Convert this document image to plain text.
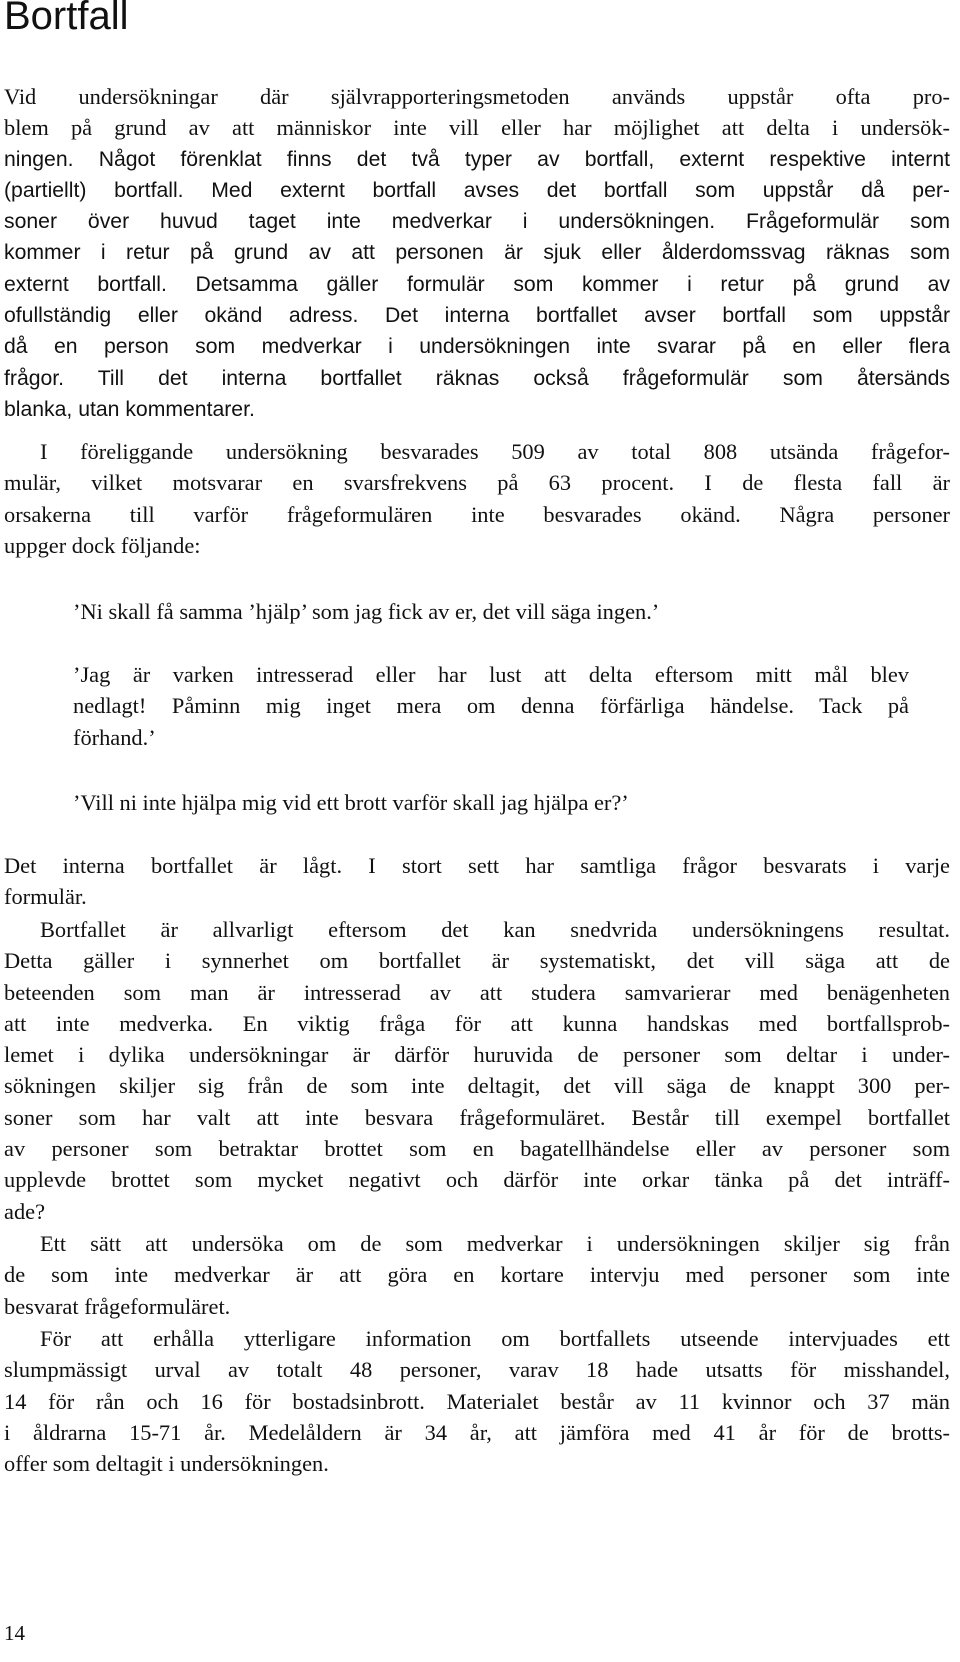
Bortfall
Vid undersökningar där självrapporteringsmetoden används uppstår ofta pro-
blem på grund av att människor inte vill eller har möjlighet att delta i undersök-
ningen. Något förenklat finns det två typer av bortfall, externt respektive internt
(partiellt) bortfall. Med externt bortfall avses det bortfall som uppstår då per-
soner över huvud taget inte medverkar i undersökningen. Frågeformulär som
kommer i retur på grund av att personen är sjuk eller ålderdomssvag räknas som
externt bortfall. Detsamma gäller formulär som kommer i retur på grund av
ofullständig eller okänd adress. Det interna bortfallet avser bortfall som uppstår
då en person som medverkar i undersökningen inte svarar på en eller flera
frågor. Till det interna bortfallet räknas också frågeformulär som återsänds
blanka, utan kommentarer.
I föreliggande undersökning besvarades 509 av total 808 utsända frågefor-
mulär, vilket motsvarar en svarsfrekvens på 63 procent. I de flesta fall är
orsakerna till varför frågeformulären inte besvarades okänd. Några personer
uppger dock följande:
’Ni skall få samma ’hjälp’ som jag fick av er, det vill säga ingen.’
’Jag är varken intresserad eller har lust att delta eftersom mitt mål blev
nedlagt! Påminn mig inget mera om denna förfärliga händelse. Tack på
förhand.’
’Vill ni inte hjälpa mig vid ett brott varför skall jag hjälpa er?’
Det interna bortfallet är lågt. I stort sett har samtliga frågor besvarats i varje
formulär.
Bortfallet är allvarligt eftersom det kan snedvrida undersökningens resultat.
Detta gäller i synnerhet om bortfallet är systematiskt, det vill säga att de
beteenden som man är intresserad av att studera samvarierar med benägenheten
att inte medverka. En viktig fråga för att kunna handskas med bortfallsprob-
lemet i dylika undersökningar är därför huruvida de personer som deltar i under-
sökningen skiljer sig från de som inte deltagit, det vill säga de knappt 300 per-
soner som har valt att inte besvara frågeformuläret. Består till exempel bortfallet
av personer som betraktar brottet som en bagatellhändelse eller av personer som
upplevde brottet som mycket negativt och därför inte orkar tänka på det inträff-
ade?
Ett sätt att undersöka om de som medverkar i undersökningen skiljer sig från
de som inte medverkar är att göra en kortare intervju med personer som inte
besvarat frågeformuläret.
För att erhålla ytterligare information om bortfallets utseende intervjuades ett
slumpmässigt urval av totalt 48 personer, varav 18 hade utsatts för misshandel,
14 för rån och 16 för bostadsinbrott. Materialet består av 11 kvinnor och 37 män
i åldrarna 15-71 år. Medelåldern är 34 år, att jämföra med 41 år för de brotts-
offer som deltagit i undersökningen.
14
